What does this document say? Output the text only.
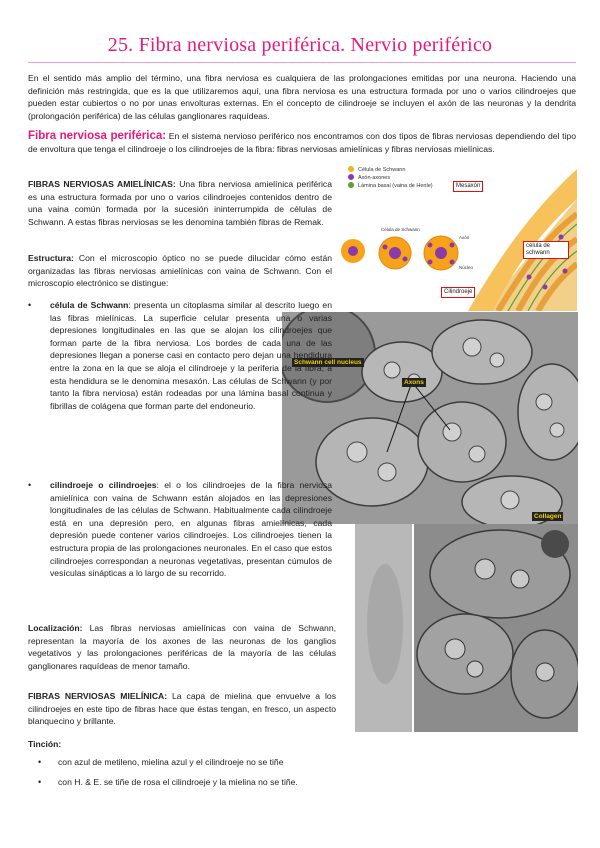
25. Fibra nerviosa periférica. Nervio periférico
En el sentido más amplio del término, una fibra nerviosa es cualquiera de las prolongaciones emitidas por una neurona. Haciendo una definición más restringida, que es la que utilizaremos aquí, una fibra nerviosa es una estructura formada por uno o varios cilindroejes que pueden estar cubiertos o no por unas envolturas externas. En el concepto de cilindroeje se incluyen el axón de las neuronas y la dendrita (prolongación periférica) de las células ganglionares raquídeas.
Fibra nerviosa periférica: En el sistema nervioso periférico nos encontramos con dos tipos de fibras nerviosas dependiendo del tipo de envoltura que tenga el cilindroeje o los cilindroejes de la fibra: fibras nerviosas amielínicas y fibras nerviosas mielínicas.
Célula de Schwann
Axón-axones
Lámina basal (vaina de Henle)
Célula de Schwann
Axón
Núcleo
Mesaxón
célula de schwann
Cilindroeje
FIBRAS NERVIOSAS AMIELÍNICAS: Una fibra nerviosa amielínica periférica es una estructura formada por uno o varios cilindroejes contenidos dentro de una vaina común formada por la sucesión ininterrumpida de células de Schwann. A estas fibras nerviosas se les denomina también fibras de Remak.
Estructura: Con el microscopio óptico no se puede dilucidar cómo están organizadas las fibras nerviosas amielínicas con vaina de Schwann. Con el microscopio electrónico se distingue:
Schwann cell nucleus
Axons
Collagen
• célula de Schwann: presenta un citoplasma similar al descrito luego en las fibras mielínicas. La superficie celular presenta una o varias depresiones longitudinales en las que se alojan los cilindroejes que forman parte de la fibra nerviosa. Los bordes de cada una de las depresiones llegan a ponerse casi en contacto pero dejan una hendidura entre la zona en la que se aloja el cilindroeje y la periferia de la fibra; a esta hendidura se le denomina mesaxón. Las células de Schwann (y por tanto la fibra nerviosa) están rodeadas por una lámina basal continua y fibrillas de colágena que forman parte del endoneurio.
• cilindroeje o cilindroejes: el o los cilindroejes de la fibra nerviosa amielínica con vaina de Schwann están alojados en las depresiones longitudinales de las células de Schwann. Habitualmente cada cilindroeje está en una depresión pero, en algunas fibras amielínicas, cada depresión puede contener varios cilindroejes. Los cilindroejes tienen la estructura propia de las prolongaciones neuronales. En el caso que estos cilindroejes correspondan a neuronas vegetativas, presentan cúmulos de vesículas sinápticas a lo largo de su recorrido.
Localización: Las fibras nerviosas amielínicas con vaina de Schwann, representan la mayoría de los axones de las neuronas de los ganglios vegetativos y las prolongaciones periféricas de la mayoría de las células ganglionares raquídeas de menor tamaño.
FIBRAS NERVIOSAS MIELÍNICA: La capa de mielina que envuelve a los cilindroejes en este tipo de fibras hace que éstas tengan, en fresco, un aspecto blanquecino y brillante.
Tinción:
• con azul de metileno, mielina azul y el cilindroeje no se tiñe
• con H. & E. se tiñe de rosa el cilindroeje y la mielina no se tiñe.
